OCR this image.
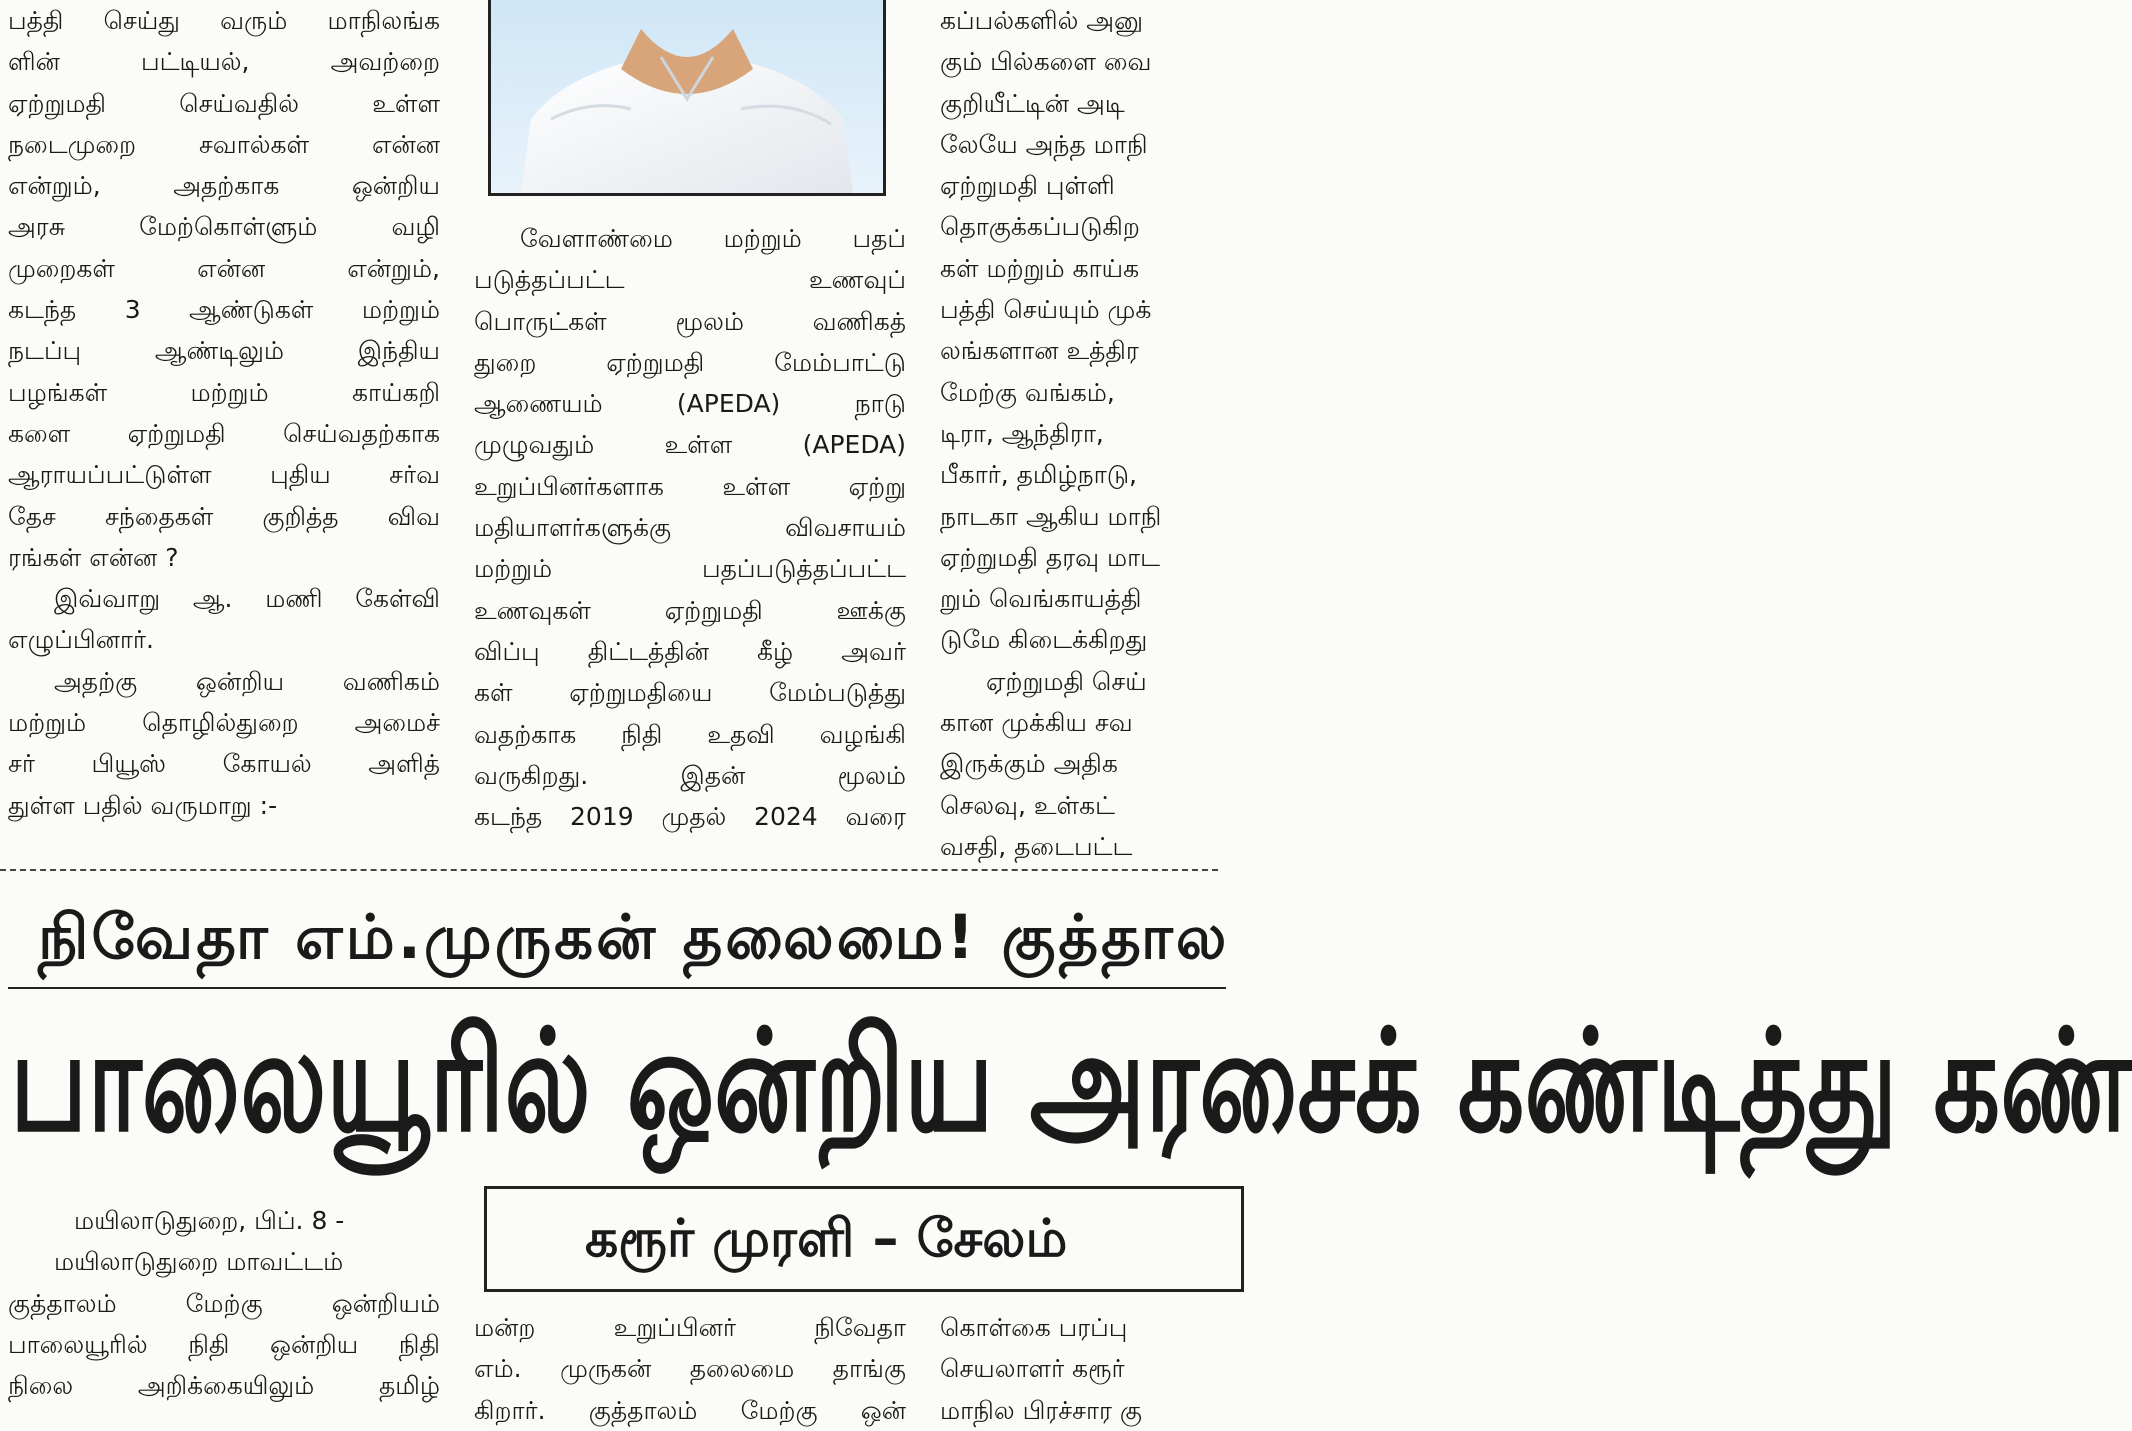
பத்தி செய்து வரும் மாநிலங்க
ளின் பட்டியல், அவற்றை
ஏற்றுமதி செய்வதில் உள்ள
நடைமுறை சவால்கள் என்ன
என்றும், அதற்காக ஒன்றிய
அரசு மேற்கொள்ளும் வழி
முறைகள் என்ன என்றும்,
கடந்த 3 ஆண்டுகள் மற்றும்
நடப்பு ஆண்டிலும் இந்திய
பழங்கள் மற்றும் காய்கறி
களை ஏற்றுமதி செய்வதற்காக
ஆராயப்பட்டுள்ள புதிய சர்வ
தேச சந்தைகள் குறித்த விவ
ரங்கள் என்ன ?
இவ்வாறு ஆ. மணி கேள்வி
எழுப்பினார்.
அதற்கு ஒன்றிய வணிகம்
மற்றும் தொழில்துறை அமைச்
சர் பியூஸ் கோயல் அளித்
துள்ள பதில் வருமாறு :-
வேளாண்மை மற்றும் பதப்
படுத்தப்பட்ட உணவுப்
பொருட்கள் மூலம் வணிகத்
துறை ஏற்றுமதி மேம்பாட்டு
ஆணையம் (APEDA) நாடு
முழுவதும் உள்ள (APEDA)
உறுப்பினர்களாக உள்ள ஏற்று
மதியாளர்களுக்கு விவசாயம்
மற்றும் பதப்படுத்தப்பட்ட
உணவுகள் ஏற்றுமதி ஊக்கு
விப்பு திட்டத்தின் கீழ் அவர்
கள் ஏற்றுமதியை மேம்படுத்து
வதற்காக நிதி உதவி வழங்கி
வருகிறது. இதன் மூலம்
கடந்த 2019 முதல் 2024 வரை
கப்பல்களில் அனு
கும் பில்களை வை
குறியீட்டின் அடி
லேயே அந்த மாநி
ஏற்றுமதி புள்ளி
தொகுக்கப்படுகிற
கள் மற்றும் காய்க
பத்தி செய்யும் முக்
லங்களான உத்திர
மேற்கு வங்கம்,
டிரா, ஆந்திரா,
பீகார், தமிழ்நாடு,
நாடகா ஆகிய மாநி
ஏற்றுமதி தரவு மாட
றும் வெங்காயத்தி
டுமே கிடைக்கிறது
ஏற்றுமதி செய்
கான முக்கிய சவ
இருக்கும் அதிக
செலவு, உள்கட்
வசதி, தடைபட்ட
நிவேதா எம்.முருகன் தலைமை! குத்தால
பாலையூரில் ஒன்றிய அரசைக் கண்டித்து கண்
கரூர் முரளி – சேலம்
மயிலாடுதுறை, பிப். 8 -
மயிலாடுதுறை மாவட்டம்
குத்தாலம் மேற்கு ஒன்றியம்
பாலையூரில் நிதி ஒன்றிய நிதி
நிலை அறிக்கையிலும் தமிழ்
மன்ற உறுப்பினர் நிவேதா
எம். முருகன் தலைமை தாங்கு
கிறார். குத்தாலம் மேற்கு ஒன்
கொள்கை பரப்பு
செயலாளர் கரூர்
மாநில பிரச்சார கு
